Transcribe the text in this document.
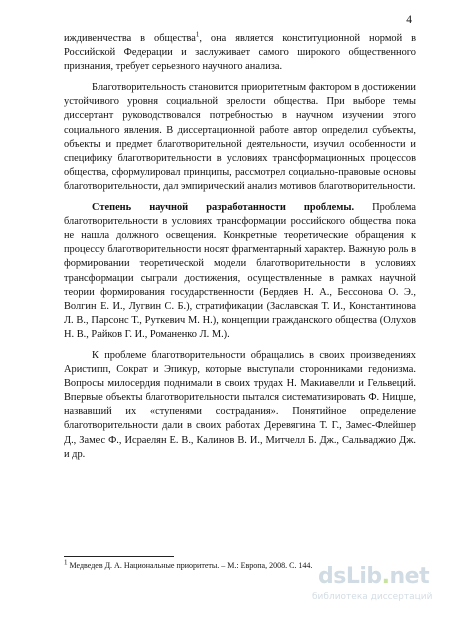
4

иждивенчества в общества$^1$, она является конституционной нормой в Российской Федерации и заслуживает самого широкого общественного признания, требует серьезного научного анализа.

Благотворительность становится приоритетным фактором в достижении устойчивого уровня социальной зрелости общества. При выборе темы диссертант руководствовался потребностью в научном изучении этого социального явления. В диссертационной работе автор определил субъекты, объекты и предмет благотворительной деятельности, изучил особенности и специфику благотворительности в условиях трансформационных процессов общества, сформулировал принципы, рассмотрел социально-правовые основы благотворительности, дал эмпирический анализ мотивов благотворительности.

Степень научной разработанности проблемы. Проблема благотворительности в условиях трансформации российского общества пока не нашла должного освещения. Конкретные теоретические обращения к процессу благотворительности носят фрагментарный характер. Важную роль в формировании теоретической модели благотворительности в условиях трансформации сыграли достижения, осуществленные в рамках научной теории формирования государственности (Бердяев Н. А., Бессонова О. Э., Волгин Е. И., Лугвин С. Б.), стратификации (Заславская Т. И., Константинова Л. В., Парсонс Т., Руткевич М. Н.), концепции гражданского общества (Олухов Н. В., Райков Г. И., Романенко Л. М.).

К проблеме благотворительности обращались в своих произведениях Аристипп, Сократ и Эпикур, которые выступали сторонниками гедонизма. Вопросы милосердия поднимали в своих трудах Н. Макиавелли и Гельвеций. Впервые объекты благотворительности пытался систематизировать Ф. Ницше, назвавший их «ступенями сострадания». Понятийное определение благотворительности дали в своих работах Деревягина Т. Г., Замес-Флейшер Д., Замес Ф., Исраелян Е. В., Калинов В. И., Митчелл Б. Дж., Сальваджио Дж. и др.

$^1$ Медведев Д. А. Национальные приоритеты. – М.: Европа, 2008. С. 144. dsLib.net
библиотека диссертаций
